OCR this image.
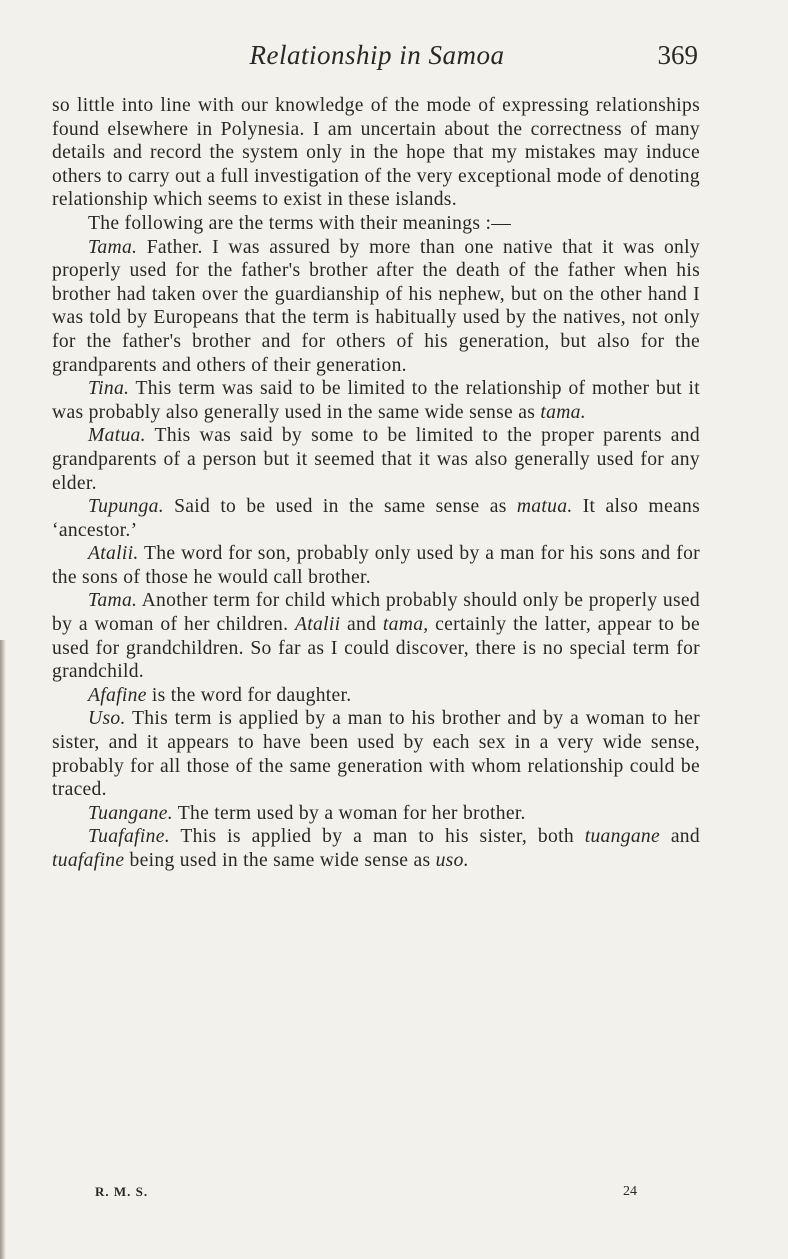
Relationship in Samoa	369

so little into line with our knowledge of the mode of expressing relationships found elsewhere in Polynesia. I am uncertain about the correctness of many details and record the system only in the hope that my mistakes may induce others to carry out a full investigation of the very exceptional mode of denoting relationship which seems to exist in these islands.

The following are the terms with their meanings :—

Tama. Father. I was assured by more than one native that it was only properly used for the father's brother after the death of the father when his brother had taken over the guardianship of his nephew, but on the other hand I was told by Europeans that the term is habitually used by the natives, not only for the father's brother and for others of his generation, but also for the grandparents and others of their generation.

Tina. This term was said to be limited to the relationship of mother but it was probably also generally used in the same wide sense as tama.

Matua. This was said by some to be limited to the proper parents and grandparents of a person but it seemed that it was also generally used for any elder.

Tupunga. Said to be used in the same sense as matua. It also means ‘ancestor.’

Atalii. The word for son, probably only used by a man for his sons and for the sons of those he would call brother.

Tama. Another term for child which probably should only be properly used by a woman of her children. Atalii and tama, certainly the latter, appear to be used for grandchildren. So far as I could discover, there is no special term for grandchild.

Afafine is the word for daughter.

Uso. This term is applied by a man to his brother and by a woman to her sister, and it appears to have been used by each sex in a very wide sense, probably for all those of the same generation with whom relationship could be traced.

Tuangane. The term used by a woman for her brother.

Tuafafine. This is applied by a man to his sister, both tuangane and tuafafine being used in the same wide sense as uso.

R. M. S.	24
